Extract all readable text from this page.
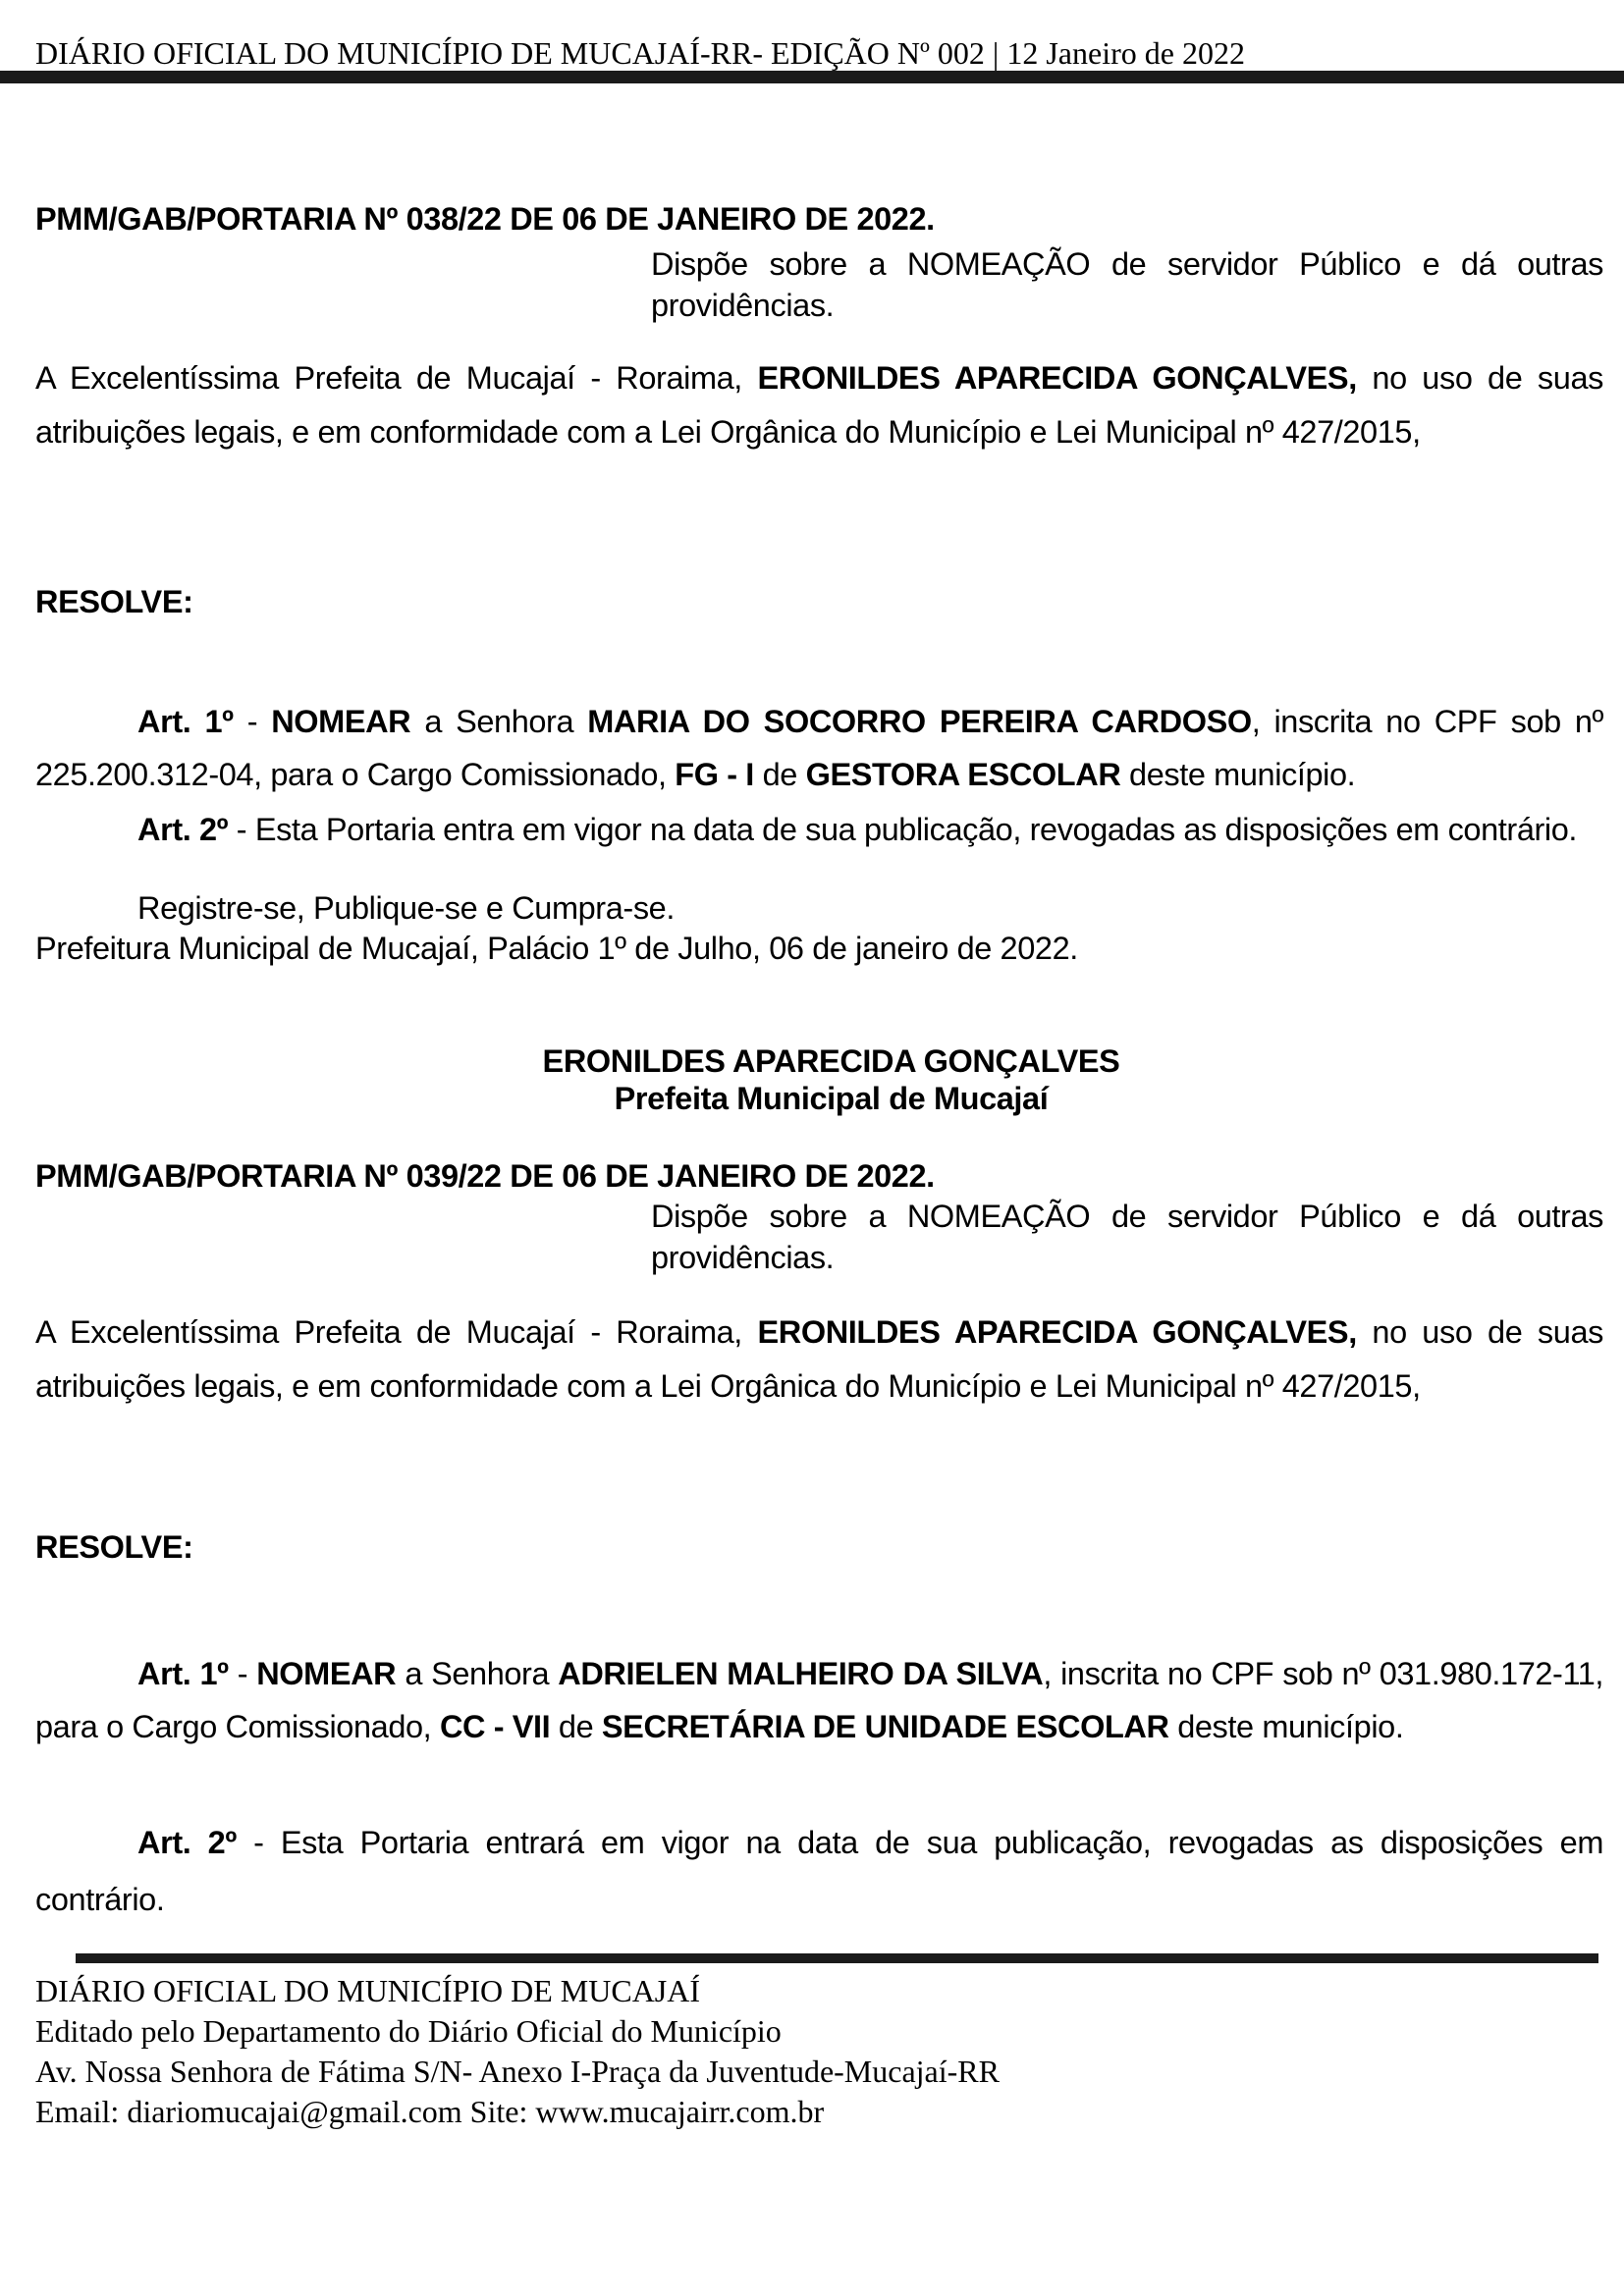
DIÁRIO OFICIAL DO MUNICÍPIO DE MUCAJAÍ-RR- EDIÇÃO Nº 002 | 12 Janeiro de 2022
PMM/GAB/PORTARIA Nº 038/22 DE 06 DE JANEIRO DE 2022.
Dispõe sobre a NOMEAÇÃO de servidor Público e dá outras providências.
A Excelentíssima Prefeita de Mucajaí - Roraima, ERONILDES APARECIDA GONÇALVES, no uso de suas atribuições legais, e em conformidade com a Lei Orgânica do Município e Lei Municipal nº 427/2015,
RESOLVE:
Art. 1º - NOMEAR a Senhora MARIA DO SOCORRO PEREIRA CARDOSO, inscrita no CPF sob nº 225.200.312-04, para o Cargo Comissionado, FG - I de GESTORA ESCOLAR deste município.
Art. 2º - Esta Portaria entra em vigor na data de sua publicação, revogadas as disposições em contrário.
Registre-se, Publique-se e Cumpra-se.
Prefeitura Municipal de Mucajaí, Palácio 1º de Julho, 06 de janeiro de 2022.
ERONILDES APARECIDA GONÇALVES
Prefeita Municipal de Mucajaí
PMM/GAB/PORTARIA Nº 039/22 DE 06 DE JANEIRO DE 2022.
Dispõe sobre a NOMEAÇÃO de servidor Público e dá outras providências.
A Excelentíssima Prefeita de Mucajaí - Roraima, ERONILDES APARECIDA GONÇALVES, no uso de suas atribuições legais, e em conformidade com a Lei Orgânica do Município e Lei Municipal nº 427/2015,
RESOLVE:
Art. 1º - NOMEAR a Senhora ADRIELEN MALHEIRO DA SILVA, inscrita no CPF sob nº 031.980.172-11, para o Cargo Comissionado, CC - VII de SECRETÁRIA DE UNIDADE ESCOLAR deste município.
Art. 2º - Esta Portaria entrará em vigor na data de sua publicação, revogadas as disposições em contrário.
DIÁRIO OFICIAL DO MUNICÍPIO DE MUCAJAÍ
Editado pelo Departamento do Diário Oficial do Município
Av. Nossa Senhora de Fátima S/N- Anexo I-Praça da Juventude-Mucajaí-RR
Email: diariomucajai@gmail.com Site: www.mucajairr.com.br
